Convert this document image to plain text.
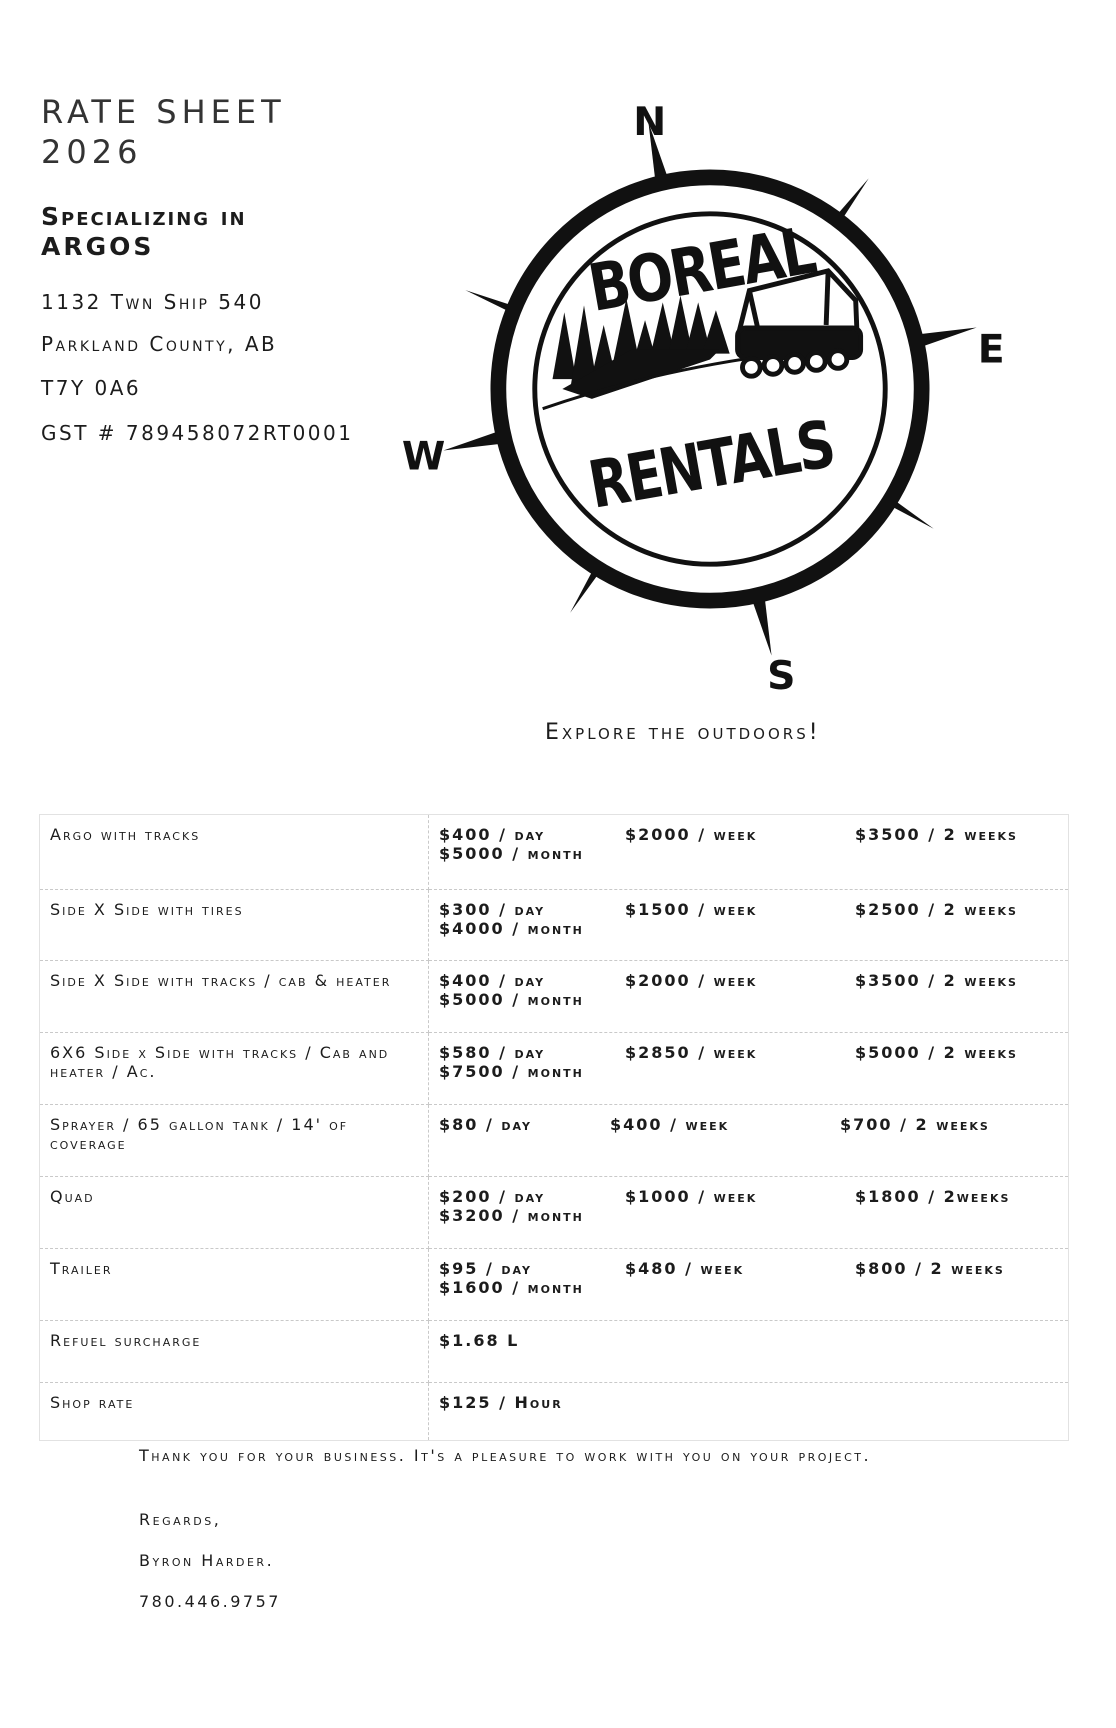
RATE SHEET
2026

Specializing in
ARGOS

1132 Twn Ship 540

Parkland County, AB

T7Y 0A6

GST # 789458072RT0001

BOREAL
RENTALS
N
E
S
W

Explore the outdoors!

Argo with tracks	$400 / day $2000 / week $3500 / 2 weeks
$5000 / month

Side X Side with tires	$300 / day $1500 / week $2500 / 2 weeks
$4000 / month

Side X Side with tracks / cab & heater	$400 / day $2000 / week $3500 / 2 weeks
$5000 / month

6X6 Side x Side with tracks / Cab and heater / Ac.	$580 / day $2850 / week $5000 / 2 weeks
$7500 / month

Sprayer / 65 gallon tank / 14' of coverage	$80 / day $400 / week $700 / 2 weeks

Quad	$200 / day $1000 / week $1800 / 2weeks
$3200 / month

Trailer	$95 / day $480 / week $800 / 2 weeks
$1600 / month

Refuel surcharge	$1.68 L
Shop rate	$125 / Hour

Thank you for your business. It's a pleasure to work with you on your project.

Regards,

Byron Harder.

780.446.9757
